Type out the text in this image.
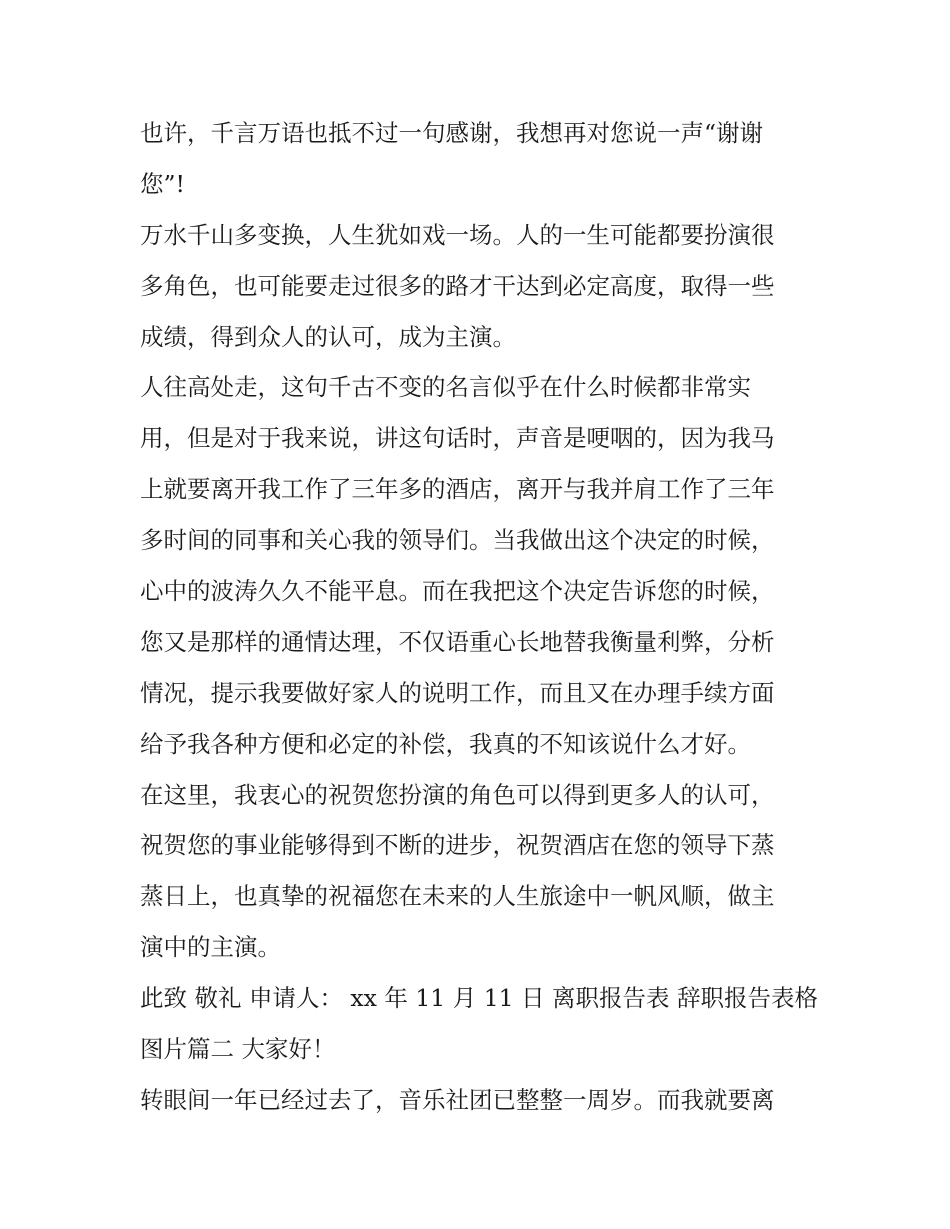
也许，千言万语也抵不过一句感谢，我想再对您说一声“谢谢
您”!

万水千山多变换，人生犹如戏一场。人的一生可能都要扮演很
多角色，也可能要走过很多的路才干达到必定高度，取得一些
成绩，得到众人的认可，成为主演。

人往高处走，这句千古不变的名言似乎在什么时候都非常实
用，但是对于我来说，讲这句话时，声音是哽咽的，因为我马
上就要离开我工作了三年多的酒店，离开与我并肩工作了三年
多时间的同事和关心我的领导们。当我做出这个决定的时候，
心中的波涛久久不能平息。而在我把这个决定告诉您的时候，
您又是那样的通情达理，不仅语重心长地替我衡量利弊，分析
情况，提示我要做好家人的说明工作，而且又在办理手续方面
给予我各种方便和必定的补偿，我真的不知该说什么才好。

在这里，我衷心的祝贺您扮演的角色可以得到更多人的认可，
祝贺您的事业能够得到不断的进步，祝贺酒店在您的领导下蒸
蒸日上，也真挚的祝福您在未来的人生旅途中一帆风顺，做主
演中的主演。

此致 敬礼 申请人： xx 年 11 月 11 日 离职报告表 辞职报告表格
图片篇二 大家好！

转眼间一年已经过去了，音乐社团已整整一周岁。而我就要离
